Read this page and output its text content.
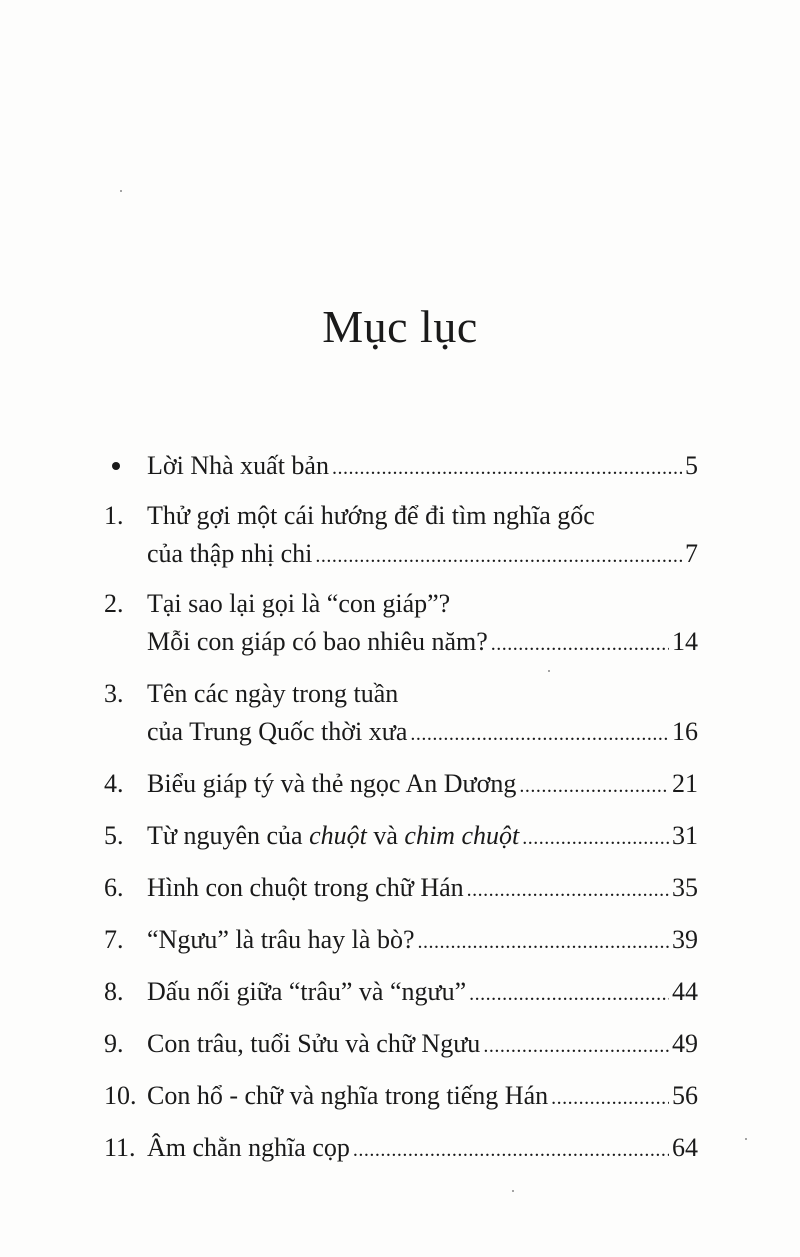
Mục lục
Lời Nhà xuất bản .....	5
1. Thử gợi một cái hướng để đi tìm nghĩa gốc
của thập nhị chi .....	7
2. Tại sao lại gọi là “con giáp”?
Mỗi con giáp có bao nhiêu năm? .....	14
3. Tên các ngày trong tuần
của Trung Quốc thời xưa .....	16
4. Biểu giáp tý và thẻ ngọc An Dương .....	21
5. Từ nguyên của chuột và chim chuột .....	31
6. Hình con chuột trong chữ Hán .....	35
7. “Ngưu” là trâu hay là bò? .....	39
8. Dấu nối giữa “trâu” và “ngưu” .....	44
9. Con trâu, tuổi Sửu và chữ Ngưu .....	49
10. Con hổ - chữ và nghĩa trong tiếng Hán .....	56
11. Âm chằn nghĩa cọp .....	64
